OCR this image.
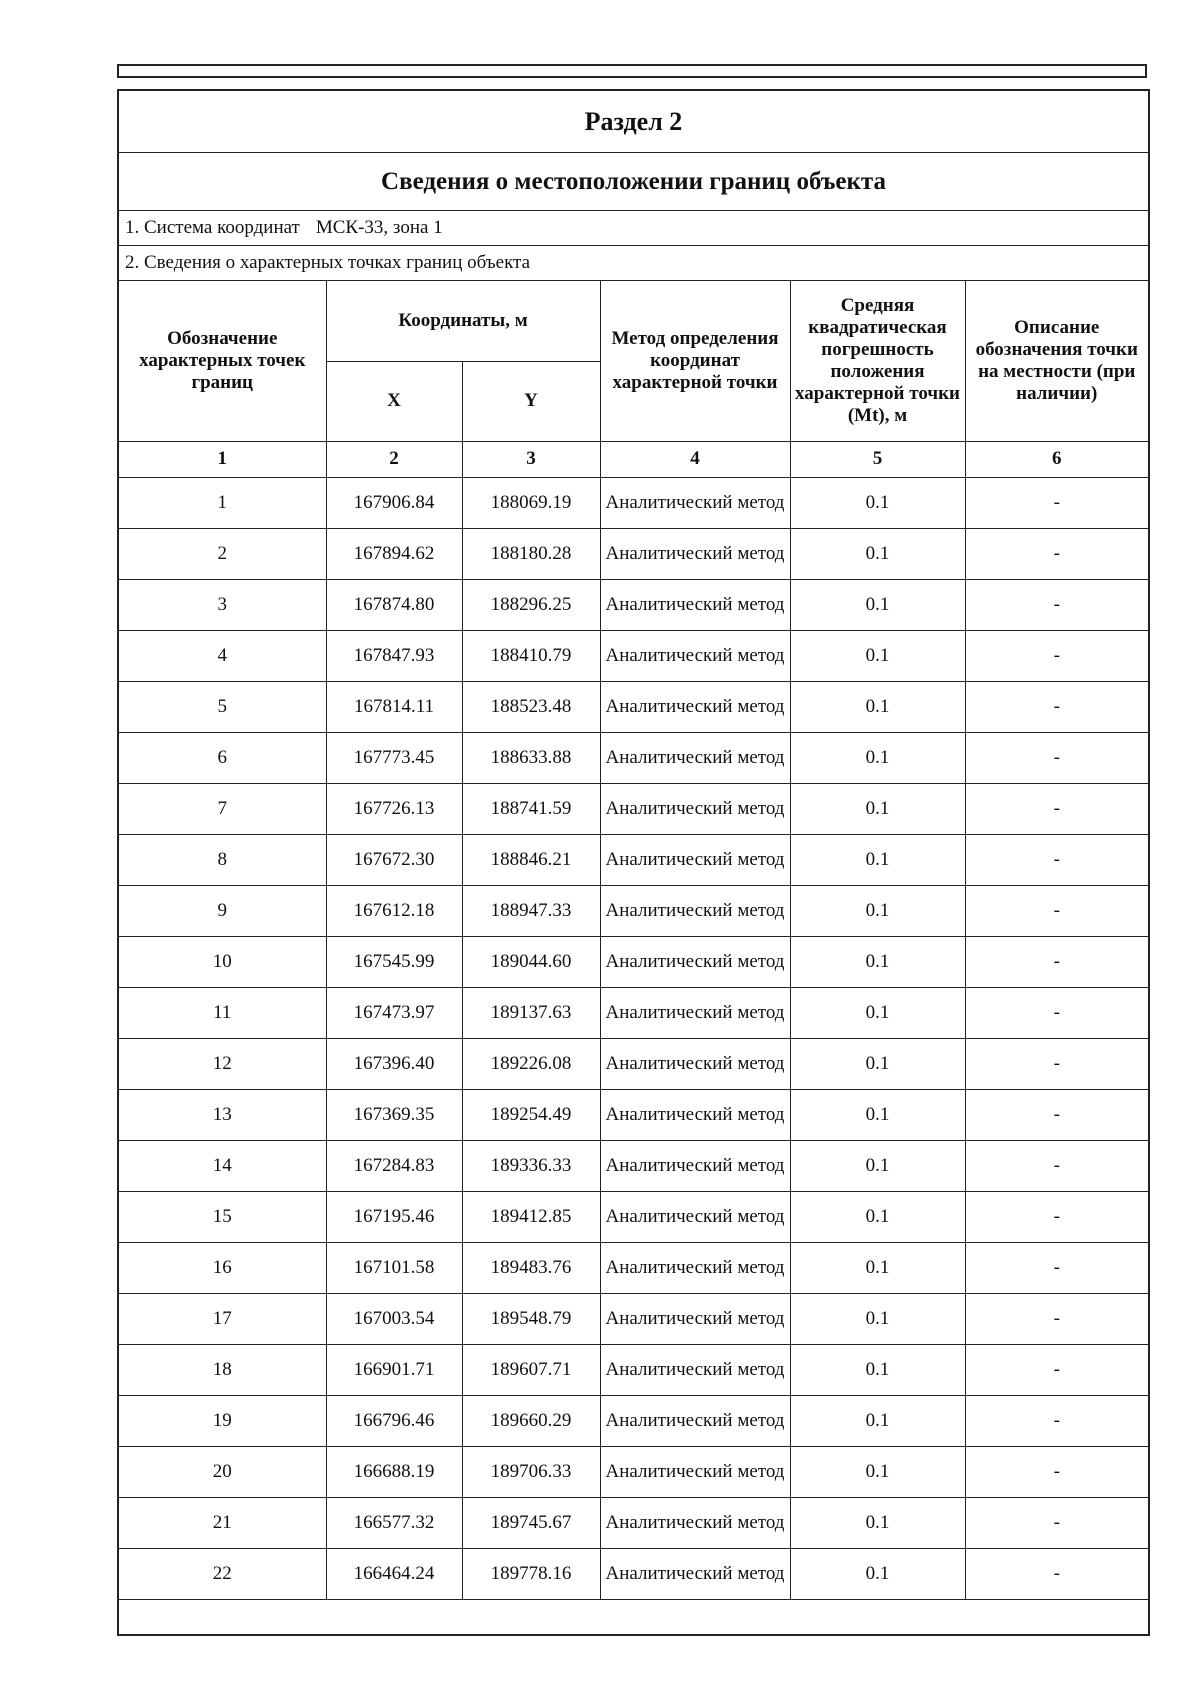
Раздел 2
Сведения о местоположении границ объекта
1. Система координат МСК-33, зона 1
2. Сведения о характерных точках границ объекта
Обозначение характерных точек границ	Координаты, м		Метод определения координат характерной точки	Средняя квадратическая погрешность положения характерной точки (Mt), м	Описание обозначения точки на местности (при наличии)
	X	Y			
1	2	3	4	5	6
1	167906.84	188069.19	Аналитический метод	0.1	-
2	167894.62	188180.28	Аналитический метод	0.1	-
3	167874.80	188296.25	Аналитический метод	0.1	-
4	167847.93	188410.79	Аналитический метод	0.1	-
5	167814.11	188523.48	Аналитический метод	0.1	-
6	167773.45	188633.88	Аналитический метод	0.1	-
7	167726.13	188741.59	Аналитический метод	0.1	-
8	167672.30	188846.21	Аналитический метод	0.1	-
9	167612.18	188947.33	Аналитический метод	0.1	-
10	167545.99	189044.60	Аналитический метод	0.1	-
11	167473.97	189137.63	Аналитический метод	0.1	-
12	167396.40	189226.08	Аналитический метод	0.1	-
13	167369.35	189254.49	Аналитический метод	0.1	-
14	167284.83	189336.33	Аналитический метод	0.1	-
15	167195.46	189412.85	Аналитический метод	0.1	-
16	167101.58	189483.76	Аналитический метод	0.1	-
17	167003.54	189548.79	Аналитический метод	0.1	-
18	166901.71	189607.71	Аналитический метод	0.1	-
19	166796.46	189660.29	Аналитический метод	0.1	-
20	166688.19	189706.33	Аналитический метод	0.1	-
21	166577.32	189745.67	Аналитический метод	0.1	-
22	166464.24	189778.16	Аналитический метод	0.1	-
